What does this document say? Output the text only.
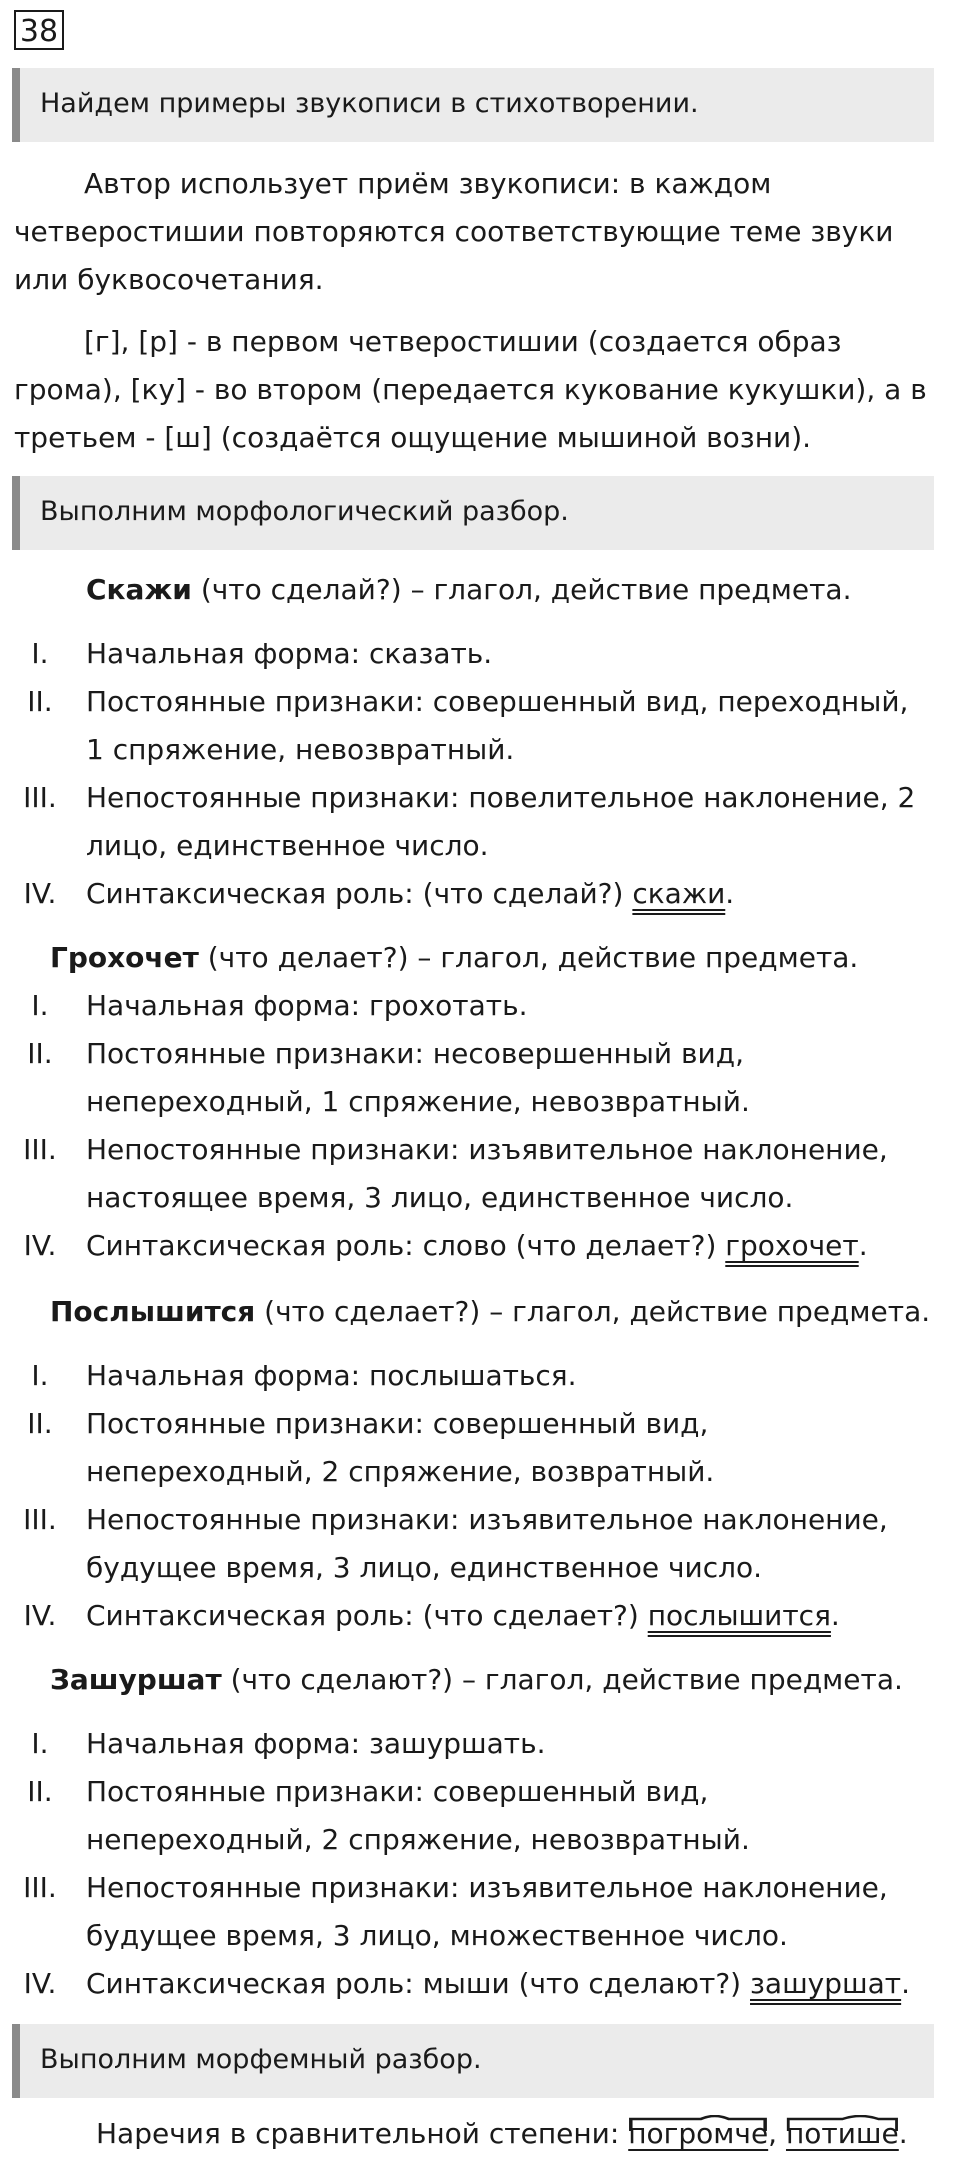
38
Найдем примеры звукописи в стихотворении.
Автор использует приём звукописи: в каждом четверостишии повторяются соответствующие теме звуки или буквосочетания.
[г], [р] - в первом четверостишии (создается образ грома), [ку] - во втором (передается кукование кукушки), а в третьем - [ш] (создаётся ощущение мышиной возни).
Выполним морфологический разбор.
Скажи (что сделай?) – глагол, действие предмета.
I.	Начальная форма: сказать.
II.	Постоянные признаки: совершенный вид, переходный,
1 спряжение, невозвратный.
III. Непостоянные признаки: повелительное наклонение, 2
лицо, единственное число.
IV.	Синтаксическая роль: (что сделай?) скажи.
Грохочет (что делает?) – глагол, действие предмета.
I.	Начальная форма: грохотать.
II.	Постоянные признаки: несовершенный вид,
непереходный, 1 спряжение, невозвратный.
III. Непостоянные признаки: изъявительное наклонение,
настоящее время, 3 лицо, единственное число.
IV.	Синтаксическая роль: слово (что делает?) грохочет.
Послышится (что сделает?) – глагол, действие предмета.
I.	Начальная форма: послышаться.
II.	Постоянные признаки: совершенный вид,
непереходный, 2 спряжение, возвратный.
III. Непостоянные признаки: изъявительное наклонение,
будущее время, 3 лицо, единственное число.
IV.	Синтаксическая роль: (что сделает?) послышится.
Зашуршат (что сделают?) – глагол, действие предмета.
I.	Начальная форма: зашуршать.
II.	Постоянные признаки: совершенный вид,
непереходный, 2 спряжение, невозвратный.
III. Непостоянные признаки: изъявительное наклонение,
будущее время, 3 лицо, множественное число.
IV.	Синтаксическая роль: мыши (что сделают?) зашуршат.
Выполним морфемный разбор.
Наречия в сравнительной степени:
погромче,
потише.
